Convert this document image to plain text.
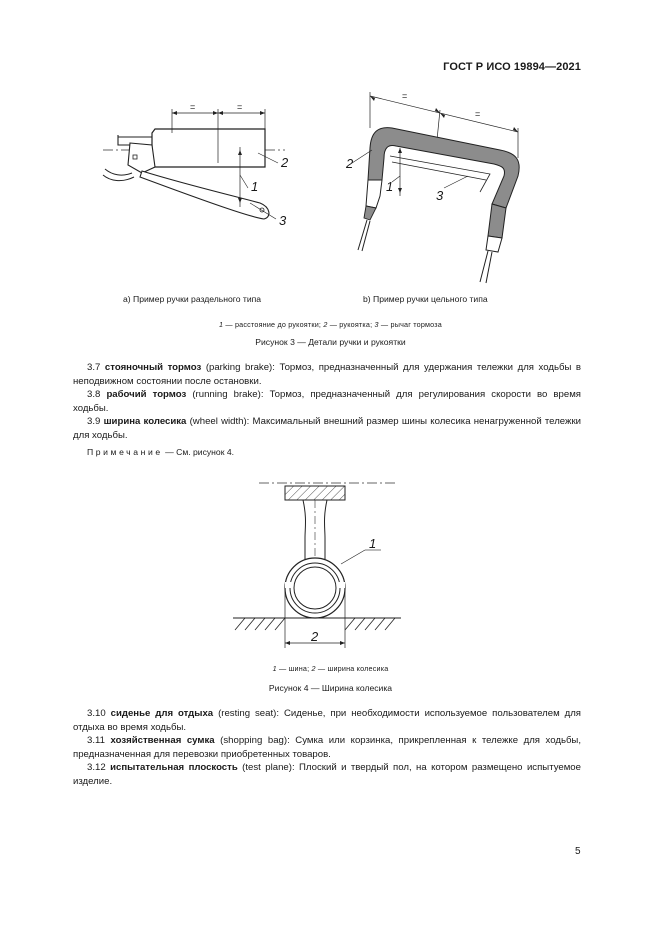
ГОСТ Р ИСО 19894—2021
=	=
1
2
3
=
=
2
1
3
a) Пример ручки раздельного типа	b) Пример ручки цельного типа
1 — расстояние до рукоятки; 2 — рукоятка; 3 — рычаг тормоза
Рисунок 3 — Детали ручки и рукоятки
3.7 стояночный тормоз (parking brake): Тормоз, предназначенный для удержания тележки для ходьбы в неподвижном состоянии после остановки.
3.8 рабочий тормоз (running brake): Тормоз, предназначенный для регулирования скорости во время ходьбы.
3.9 ширина колесика (wheel width): Максимальный внешний размер шины колесика ненагруженной тележки для ходьбы.
Примечание — См. рисунок 4.
2
1
1 — шина; 2 — ширина колесика
Рисунок 4 — Ширина колесика
3.10 сиденье для отдыха (resting seat): Сиденье, при необходимости используемое пользователем для отдыха во время ходьбы.
3.11 хозяйственная сумка (shopping bag): Сумка или корзинка, прикрепленная к тележке для ходьбы, предназначенная для перевозки приобретенных товаров.
3.12 испытательная плоскость (test plane): Плоский и твердый пол, на котором размещено испытуемое изделие.
5
